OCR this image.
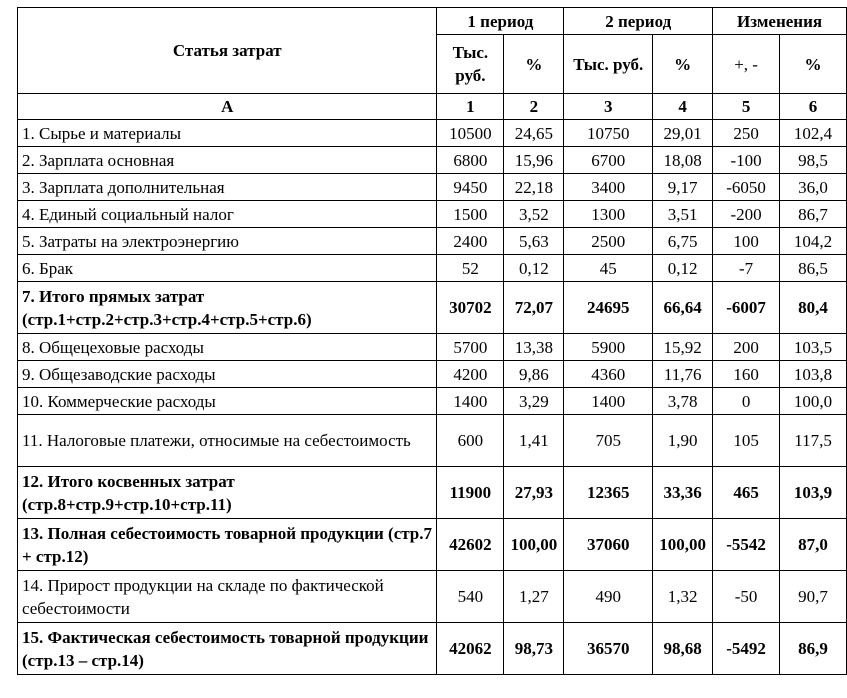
Статья затрат	1 период		2 период		Изменения	
	Тыс. руб.	%	Тыс. руб.	%	+, -	%
А	1	2	3	4	5	6
1. Сырье и материалы	10500	24,65	10750	29,01	250	102,4
2. Зарплата основная	6800	15,96	6700	18,08	-100	98,5
3. Зарплата дополнительная	9450	22,18	3400	9,17	-6050	36,0
4. Единый социальный налог	1500	3,52	1300	3,51	-200	86,7
5. Затраты на электроэнергию	2400	5,63	2500	6,75	100	104,2
6. Брак	52	0,12	45	0,12	-7	86,5
7. Итого прямых затрат (стр.1+стр.2+стр.3+стр.4+стр.5+стр.6)	30702	72,07	24695	66,64	-6007	80,4
8. Общецеховые расходы	5700	13,38	5900	15,92	200	103,5
9. Общезаводские расходы	4200	9,86	4360	11,76	160	103,8
10. Коммерческие расходы	1400	3,29	1400	3,78	0	100,0
11. Налоговые платежи, относимые на себестоимость	600	1,41	705	1,90	105	117,5
12. Итого косвенных затрат (стр.8+стр.9+стр.10+стр.11)	11900	27,93	12365	33,36	465	103,9
13. Полная себестоимость товарной продукции (стр.7 + стр.12)	42602	100,00	37060	100,00	-5542	87,0
14. Прирост продукции на складе по фактической себестоимости	540	1,27	490	1,32	-50	90,7
15. Фактическая себестоимость товарной продукции (стр.13 – стр.14)	42062	98,73	36570	98,68	-5492	86,9
